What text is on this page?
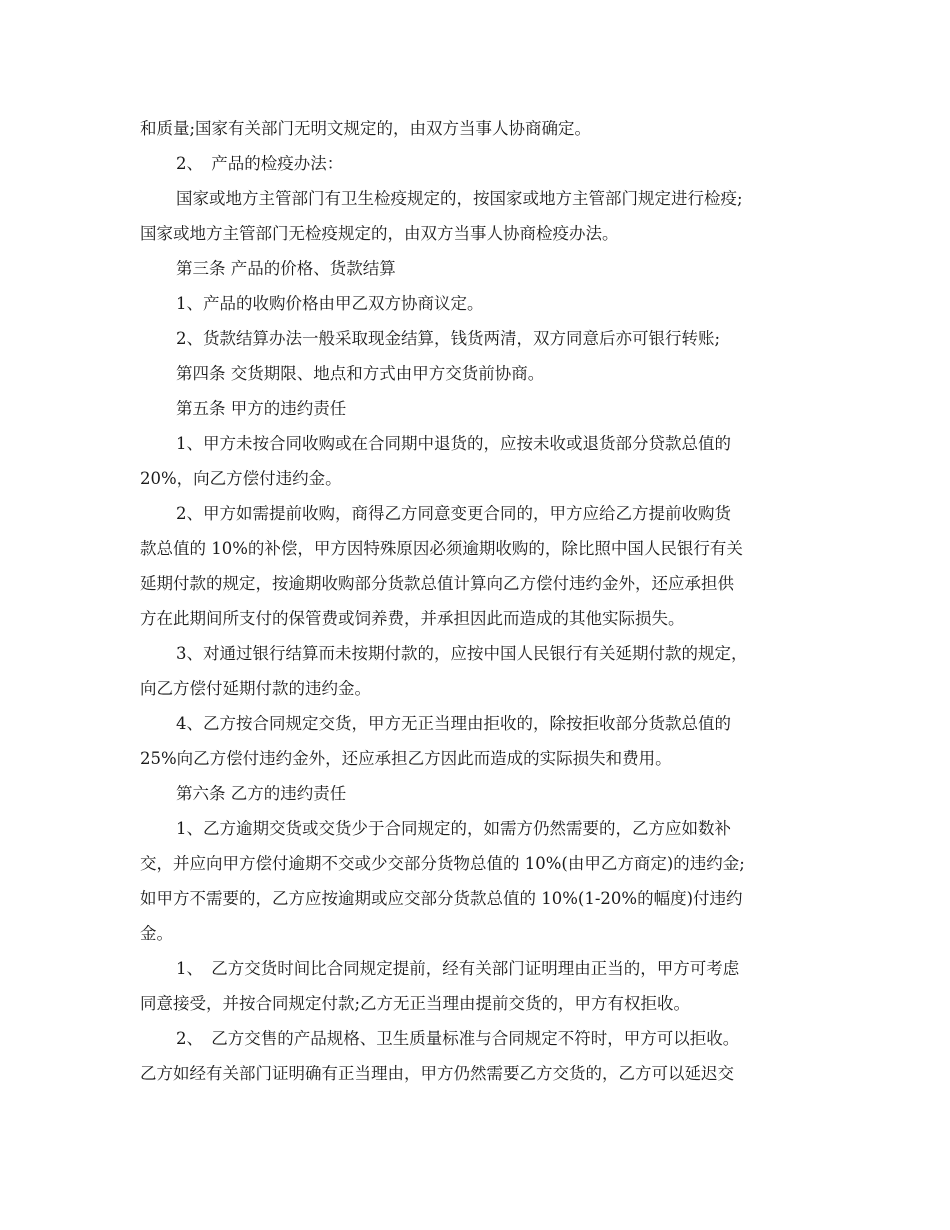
和质量;国家有关部门无明文规定的，由双方当事人协商确定。
2、　产品的检疫办法：
国家或地方主管部门有卫生检疫规定的，按国家或地方主管部门规定进行检疫;
国家或地方主管部门无检疫规定的，由双方当事人协商检疫办法。
第三条 产品的价格、货款结算
1、产品的收购价格由甲乙双方协商议定。
2、货款结算办法一般采取现金结算，钱货两清，双方同意后亦可银行转账;
第四条 交货期限、地点和方式由甲方交货前协商。
第五条 甲方的违约责任
1、甲方未按合同收购或在合同期中退货的，应按未收或退货部分贷款总值的
20%，向乙方偿付违约金。
2、甲方如需提前收购，商得乙方同意变更合同的，甲方应给乙方提前收购货
款总值的 10%的补偿，甲方因特殊原因必须逾期收购的，除比照中国人民银行有关
延期付款的规定，按逾期收购部分货款总值计算向乙方偿付违约金外，还应承担供
方在此期间所支付的保管费或饲养费，并承担因此而造成的其他实际损失。
3、对通过银行结算而未按期付款的，应按中国人民银行有关延期付款的规定，
向乙方偿付延期付款的违约金。
4、乙方按合同规定交货，甲方无正当理由拒收的，除按拒收部分货款总值的
25%向乙方偿付违约金外，还应承担乙方因此而造成的实际损失和费用。
第六条 乙方的违约责任
1、乙方逾期交货或交货少于合同规定的，如需方仍然需要的，乙方应如数补
交，并应向甲方偿付逾期不交或少交部分货物总值的 10%(由甲乙方商定)的违约金;
如甲方不需要的，乙方应按逾期或应交部分货款总值的 10%(1-20%的幅度)付违约
金。
1、　乙方交货时间比合同规定提前，经有关部门证明理由正当的，甲方可考虑
同意接受，并按合同规定付款;乙方无正当理由提前交货的，甲方有权拒收。
2、　乙方交售的产品规格、卫生质量标准与合同规定不符时，甲方可以拒收。
乙方如经有关部门证明确有正当理由，甲方仍然需要乙方交货的，乙方可以延迟交
